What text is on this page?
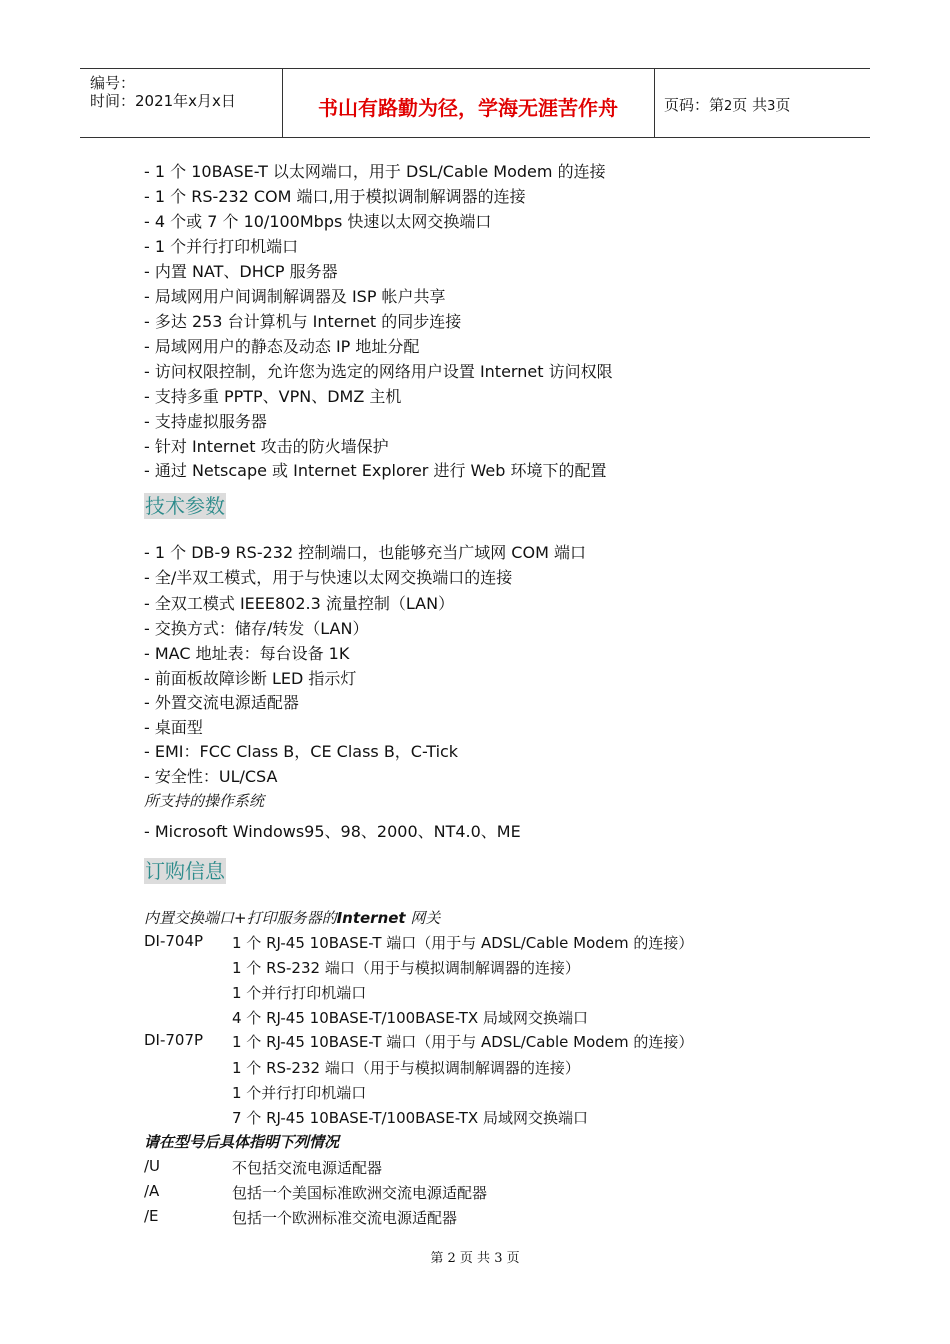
编号：
时间：2021年x月x日	书山有路勤为径，学海无涯苦作舟	页码：第2页 共3页
- 1 个 10BASE-T 以太网端口，用于 DSL/Cable Modem 的连接
- 1 个 RS-232 COM 端口,用于模拟调制解调器的连接
- 4 个或 7 个 10/100Mbps 快速以太网交换端口
- 1 个并行打印机端口
- 内置 NAT、DHCP 服务器
- 局域网用户间调制解调器及 ISP 帐户共享
- 多达 253 台计算机与 Internet 的同步连接
- 局域网用户的静态及动态 IP 地址分配
- 访问权限控制，允许您为选定的网络用户设置 Internet 访问权限
- 支持多重 PPTP、VPN、DMZ 主机
- 支持虚拟服务器
- 针对 Internet 攻击的防火墙保护
- 通过 Netscape 或 Internet Explorer 进行 Web 环境下的配置
技术参数
- 1 个 DB-9 RS-232 控制端口，也能够充当广域网 COM 端口
- 全/半双工模式，用于与快速以太网交换端口的连接
- 全双工模式 IEEE802.3 流量控制（LAN）
- 交换方式：储存/转发（LAN）
- MAC 地址表：每台设备 1K
- 前面板故障诊断 LED 指示灯
- 外置交流电源适配器
- 桌面型
- EMI：FCC Class B，CE Class B，C-Tick
- 安全性：UL/CSA
所支持的操作系统
- Microsoft Windows95、98、2000、NT4.0、ME
订购信息
内置交换端口+打印服务器的Internet 网关
DI-704P 1 个 RJ-45 10BASE-T 端口（用于与 ADSL/Cable Modem 的连接）
1 个 RS-232 端口（用于与模拟调制解调器的连接）
1 个并行打印机端口
4 个 RJ-45 10BASE-T/100BASE-TX 局域网交换端口
DI-707P 1 个 RJ-45 10BASE-T 端口（用于与 ADSL/Cable Modem 的连接）
1 个 RS-232 端口（用于与模拟调制解调器的连接）
1 个并行打印机端口
7 个 RJ-45 10BASE-T/100BASE-TX 局域网交换端口
请在型号后具体指明下列情况
/U	不包括交流电源适配器
/A	包括一个美国标准欧洲交流电源适配器
/E	包括一个欧洲标准交流电源适配器
第 2 页 共 3 页
